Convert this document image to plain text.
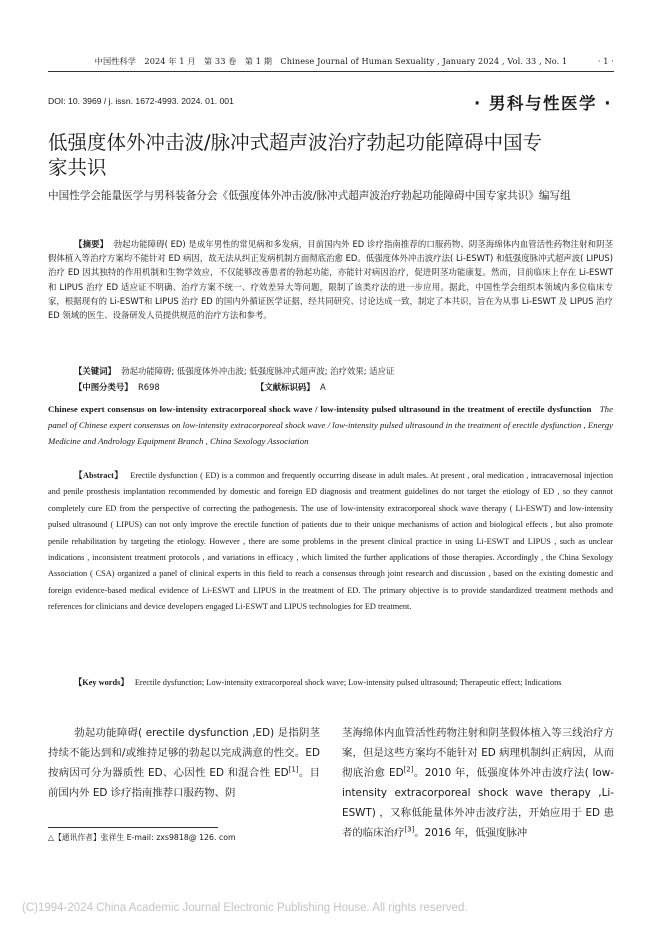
中国性科学　2024 年 1 月　第 33 卷　第 1 期　Chinese Journal of Human Sexuality , January 2024 , Vol. 33 , No. 1	· 1 ·
DOI: 10. 3969 / j. issn. 1672-4993. 2024. 01. 001	· 男科与性医学 ·
低强度体外冲击波/脉冲式超声波治疗勃起功能障碍中国专家共识
中国性学会能量医学与男科装备分会《低强度体外冲击波/脉冲式超声波治疗勃起功能障碍中国专家共识》编写组
【摘要】 勃起功能障碍( ED) 是成年男性的常见病和多发病，目前国内外 ED 诊疗指南推荐的口服药物、阴茎海绵体内血管活性药物注射和阴茎假体植入等治疗方案均不能针对 ED 病因，故无法从纠正发病机制方面彻底治愈 ED。低强度体外冲击波疗法( Li-ESWT) 和低强度脉冲式超声波( LIPUS) 治疗 ED 因其独特的作用机制和生物学效应，不仅能够改善患者的勃起功能，亦能针对病因治疗，促进阴茎功能康复。然而，目前临床上存在 Li-ESWT 和 LIPUS 治疗 ED 适应证不明确、治疗方案不统一、疗效差异大等问题，限制了该类疗法的进一步应用。据此，中国性学会组织本领域内多位临床专家，根据现有的 Li-ESWT和 LIPUS 治疗 ED 的国内外循证医学证据，经共同研究、讨论达成一致，制定了本共识，旨在为从事 Li-ESWT 及 LIPUS 治疗 ED 领域的医生、设备研发人员提供规范的治疗方法和参考。
【关键词】 勃起功能障碍; 低强度体外冲击波; 低强度脉冲式超声波; 治疗效果; 适应证
【中图分类号】 R698	【文献标识码】 A
Chinese expert consensus on low-intensity extracorporeal shock wave / low-intensity pulsed ultrasound in the treatment of erectile dysfunction The panel of Chinese expert consensus on low-intensity extracorporeal shock wave / low-intensity pulsed ultrasound in the treatment of erectile dysfunction , Energy Medicine and Andrology Equipment Branch , China Sexology Association
【Abstract】 Erectile dysfunction ( ED) is a common and frequently occurring disease in adult males. At present , oral medication , intracavernosal injection and penile prosthesis implantation recommended by domestic and foreign ED diagnosis and treatment guidelines do not target the etiology of ED , so they cannot completely cure ED from the perspective of correcting the pathogenesis. The use of low-intensity extracorporeal shock wave therapy ( Li-ESWT) and low-intensity pulsed ultrasound ( LIPUS) can not only improve the erectile function of patients due to their unique mechanisms of action and biological effects , but also promote penile rehabilitation by targeting the etiology. However , there are some problems in the present clinical practice in using Li-ESWT and LIPUS , such as unclear indications , inconsistent treatment protocols , and variations in efficacy , which limited the further applications of those therapies. Accordingly , the China Sexology Association ( CSA) organized a panel of clinical experts in this field to reach a consensus through joint research and discussion , based on the existing domestic and foreign evidence-based medical evidence of Li-ESWT and LIPUS in the treatment of ED. The primary objective is to provide standardized treatment methods and references for clinicians and device developers engaged Li-ESWT and LIPUS technologies for ED treatment.
【Key words】 Erectile dysfunction; Low-intensity extracorporeal shock wave; Low-intensity pulsed ultrasound; Therapeutic effect; Indications
勃起功能障碍( erectile dysfunction ,ED) 是指阴茎持续不能达到和/或维持足够的勃起以完成满意的性交。ED 按病因可分为器质性 ED、心因性 ED 和混合性 ED[1]。目前国内外 ED 诊疗指南推荐口服药物、阴
茎海绵体内血管活性药物注射和阴茎假体植入等三线治疗方案，但是这些方案均不能针对 ED 病理机制纠正病因，从而彻底治愈 ED[2]。2010 年，低强度体外冲击波疗法( low-intensity extracorporeal shock wave therapy ,Li-ESWT) ，又称低能量体外冲击波疗法，开始应用于 ED 患者的临床治疗[3]。2016 年，低强度脉冲
△【通讯作者】张祥生 E-mail: zxs9818@ 126. com
(C)1994-2024 China Academic Journal Electronic Publishing House. All rights reserved.
